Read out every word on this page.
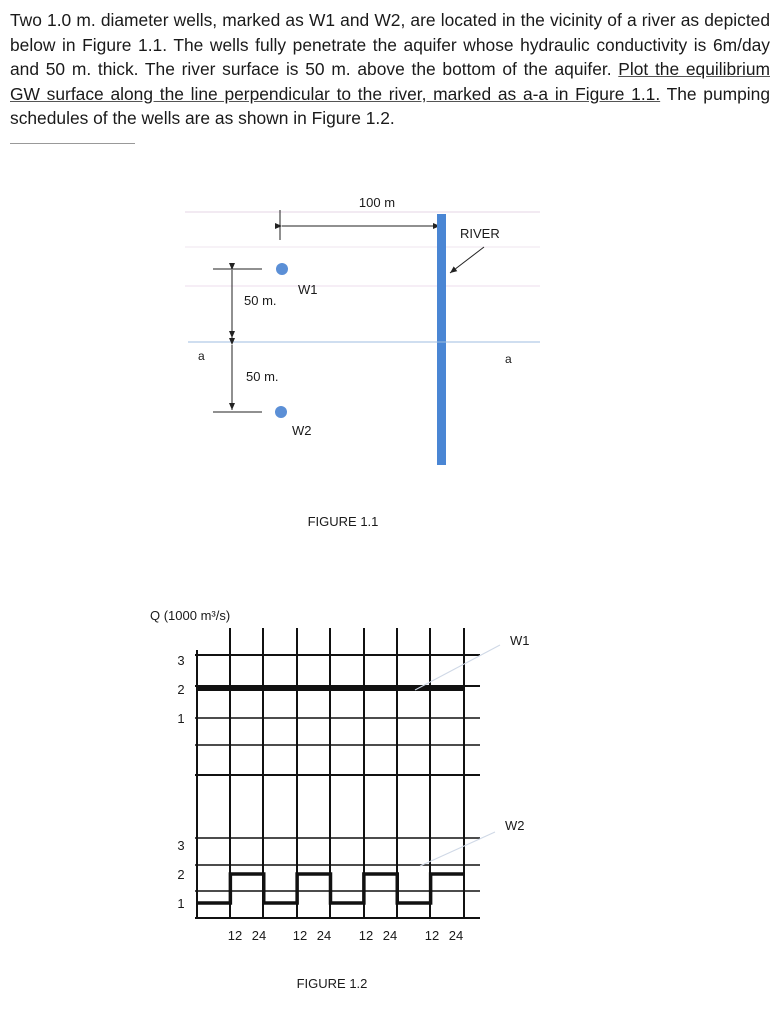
Two 1.0 m. diameter wells, marked as W1 and W2, are located in the vicinity of a river as depicted below in Figure 1.1. The wells fully penetrate the aquifer whose hydraulic conductivity is 6m/day and 50 m. thick. The river surface is 50 m. above the bottom of the aquifer. Plot the equilibrium GW surface along the line perpendicular to the river, marked as a-a in Figure 1.1. The pumping schedules of the wells are as shown in Figure 1.2.

100 m
RIVER
W1
W2
50 m.
a	a
50 m.
FIGURE 1.1
Q (1000 m³/s)
W1
W2
3
2
1
3
2
1
12 24 12 24 12 24 12 24
FIGURE 1.2
